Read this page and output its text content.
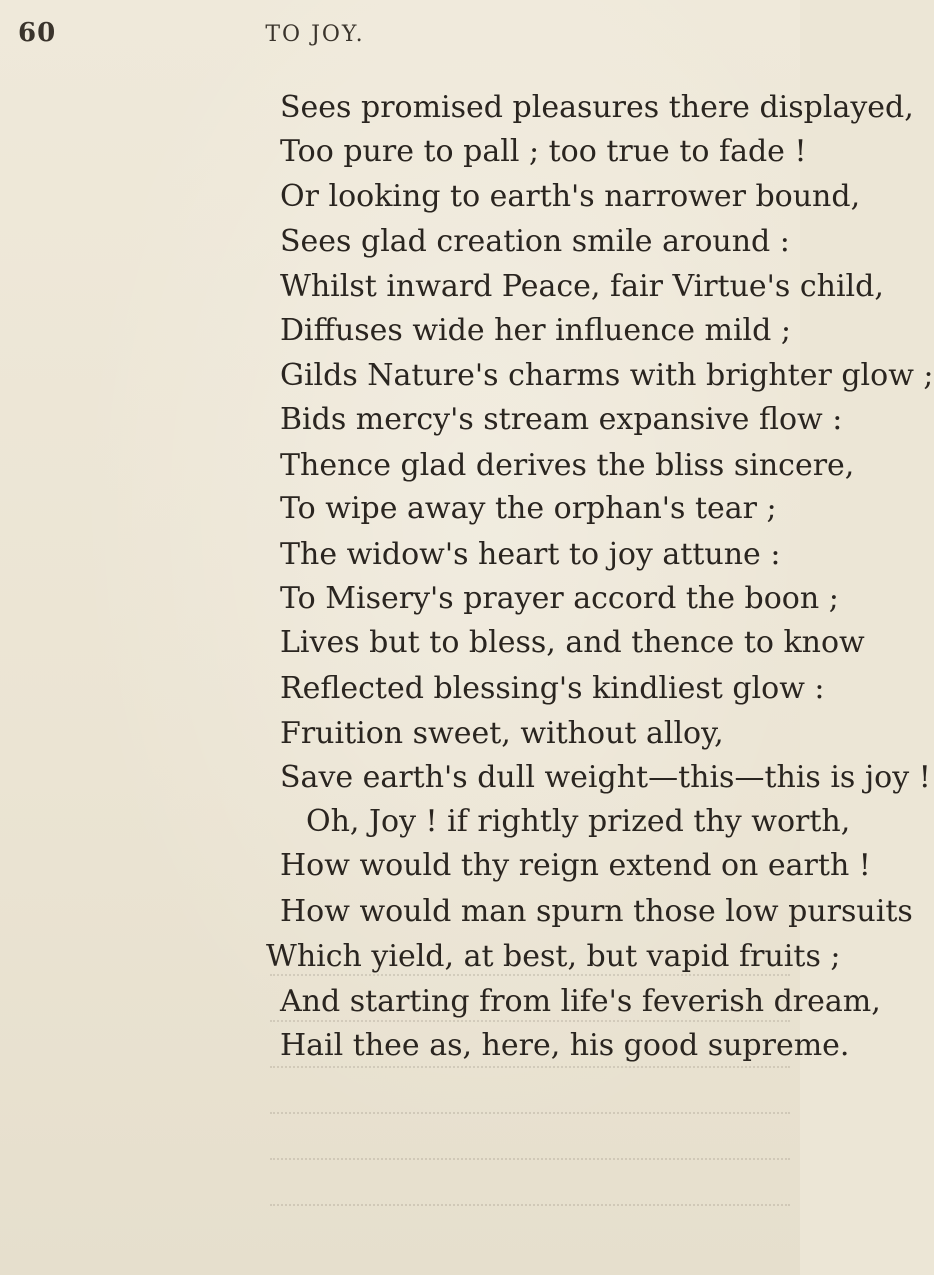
60	TO JOY.
Sees promised pleasures there displayed,
Too pure to pall ; too true to fade !
Or looking to earth's narrower bound,
Sees glad creation smile around :
Whilst inward Peace, fair Virtue's child,
Diffuses wide her influence mild ;
Gilds Nature's charms with brighter glow ;
Bids mercy's stream expansive flow :
Thence glad derives the bliss sincere,
To wipe away the orphan's tear ;
The widow's heart to joy attune :
To Misery's prayer accord the boon ;
Lives but to bless, and thence to know
Reflected blessing's kindliest glow :
Fruition sweet, without alloy,
Save earth's dull weight—this—this is joy !
Oh, Joy ! if rightly prized thy worth,
How would thy reign extend on earth !
How would man spurn those low pursuits
Which yield, at best, but vapid fruits ;
And starting from life's feverish dream,
Hail thee as, here, his good supreme.
